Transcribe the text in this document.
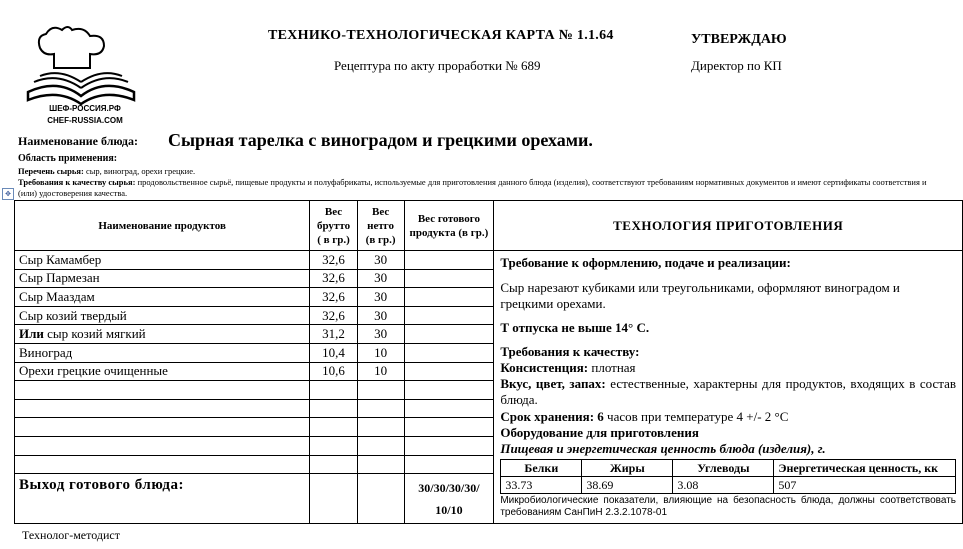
ШЕФ-РОССИЯ.РФ
CHEF-RUSSIA.COM
ТЕХНИКО-ТЕХНОЛОГИЧЕСКАЯ КАРТА № 1.1.64
Рецептура по акту проработки № 689
УТВЕРЖДАЮ
Директор по КП
Наименование блюда: Сырная тарелка с виноградом и грецкими орехами.
Область применения:
Перечень сырья: сыр, виноград, орехи грецкие.
Требования к качеству сырья: продовольственное сырьё, пищевые продукты и полуфабрикаты, используемые для приготовления данного блюда (изделия), соответствуют требованиям нормативных документов и имеют сертификаты соответствия и (или) удостоверения качества.
✥
Наименование продуктов	Вес брутто ( в гр.)	Вес нетго (в гр.)	Вес готового продукта (в гр.)	ТЕХНОЛОГИЯ ПРИГОТОВЛЕНИЯ
Сыр Камамбер	32,6	30		Требование к оформлению, подаче и реализации:

Сыр нарезают кубиками или треугольниками, оформляют виноградом и грецкими орехами.

Т отпуска не выше 14° С.

Требования к качеству:

Консистенция: плотная

Вкус, цвет, запах: естественные, характерны для продуктов, входящих в состав блюда.

Срок хранения: 6 часов при температуре 4 +/- 2 °С

Оборудование для приготовления

Пищевая и энергетическая ценность блюда (изделия), г.

Белки	Жиры	Углеводы	Энергетическая ценность, кк
33.73	38.69	3.08	507

Микробиологические показатели, влияющие на безопасность блюда, должны соответствовать требованиям СанПиН 2.3.2.1078-01

Сыр Пармезан	32,6	30	
Сыр Мааздам	32,6	30	
Сыр козий твердый	32,6	30	
Или сыр козий мягкий	31,2	30	
Виноград	10,4	10	
Орехи грецкие очищенные	10,6	10	

Выход готового блюда:			30/30/30/30/
10/10
Технолог-методист
